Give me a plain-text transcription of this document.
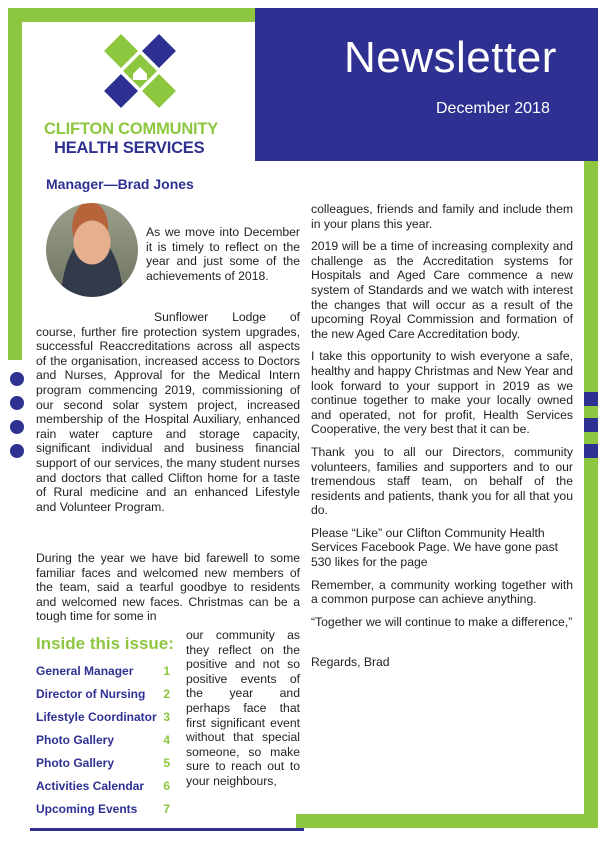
Newsletter
December 2018
CLIFTON COMMUNITY
HEALTH SERVICES
Manager—Brad Jones

As we move into December it is timely to reflect on the year and just some of the achievements of 2018.

Sunflower Lodge of course, further fire protection system upgrades, successful Reaccreditations across all aspects of the organisation, increased access to Doctors and Nurses, Approval for the Medical Intern program commencing 2019, commissioning of our second solar system project, increased membership of the Hospital Auxiliary, enhanced rain water capture and storage capacity, significant individual and business financial support of our services, the many student nurses and doctors that called Clifton home for a taste of Rural medicine and an enhanced Lifestyle and Volunteer Program.

During the year we have bid farewell to some familiar faces and welcomed new members of the team, said a tearful goodbye to residents and welcomed new faces. Christmas can be a tough time for some in

our community as they reflect on the positive and not so positive events of the year and perhaps face that first significant event without that special someone, so make sure to reach out to your neighbours,

colleagues, friends and family and include them in your plans this year.

2019 will be a time of increasing complexity and challenge as the Accreditation systems for Hospitals and Aged Care commence a new system of Standards and we watch with interest the changes that will occur as a result of the upcoming Royal Commission and formation of the new Aged Care Accreditation body.

I take this opportunity to wish everyone a safe, healthy and happy Christmas and New Year and look forward to your support in 2019 as we continue together to make your locally owned and operated, not for profit, Health Services Cooperative, the very best that it can be.

Thank you to all our Directors, community volunteers, families and supporters and to our tremendous staff team, on behalf of the residents and patients, thank you for all that you do.

Please “Like” our Clifton Community Health Services Facebook Page. We have gone past 530 likes for the page

Remember, a community working together with a common purpose can achieve anything.

“Together we will continue to make a difference,”

Regards, Brad

Inside this issue:
General Manager 1
Director of Nursing 2
Lifestyle Coordinator 3
Photo Gallery	4
Photo Gallery	5
Activities Calendar 6
Upcoming Events 7
